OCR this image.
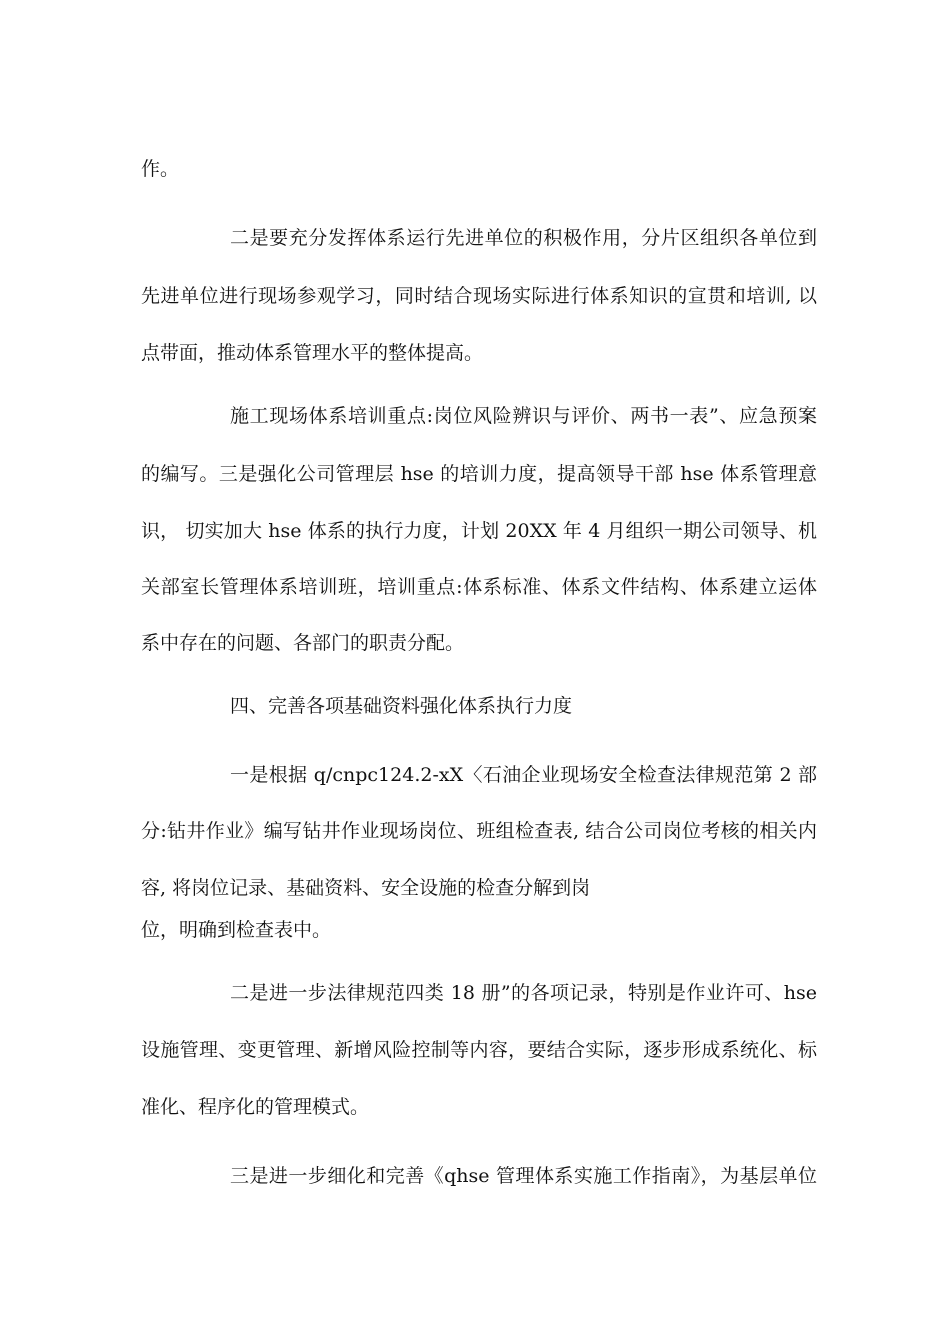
作。
二是要充分发挥体系运行先进单位的积极作用，分片区组织各单位到
先进单位进行现场参观学习，同时结合现场实际进行体系知识的宣贯和培训, 以
点带面，推动体系管理水平的整体提高。
施工现场体系培训重点:岗位风险辨识与评价、两书一表”、应急预案
的编写。三是强化公司管理层 hse 的培训力度，提高领导干部 hse 体系管理意
识， 切实加大 hse 体系的执行力度，计划 20XX 年 4 月组织一期公司领导、机
关部室长管理体系培训班，培训重点:体系标准、体系文件结构、体系建立运体
系中存在的问题、各部门的职责分配。
四、完善各项基础资料强化体系执行力度
一是根据 q/cnpc124.2-xX〈石油企业现场安全检查法律规范第 2 部
分:钻井作业》编写钻井作业现场岗位、班组检查表, 结合公司岗位考核的相关内
容, 将岗位记录、基础资料、安全设施的检查分解到岗
位，明确到检查表中。
二是进一步法律规范四类 18 册”的各项记录，特别是作业许可、hse
设施管理、变更管理、新增风险控制等内容，要结合实际，逐步形成系统化、标
准化、程序化的管理模式。
三是进一步细化和完善《qhse 管理体系实施工作指南》，为基层单位
